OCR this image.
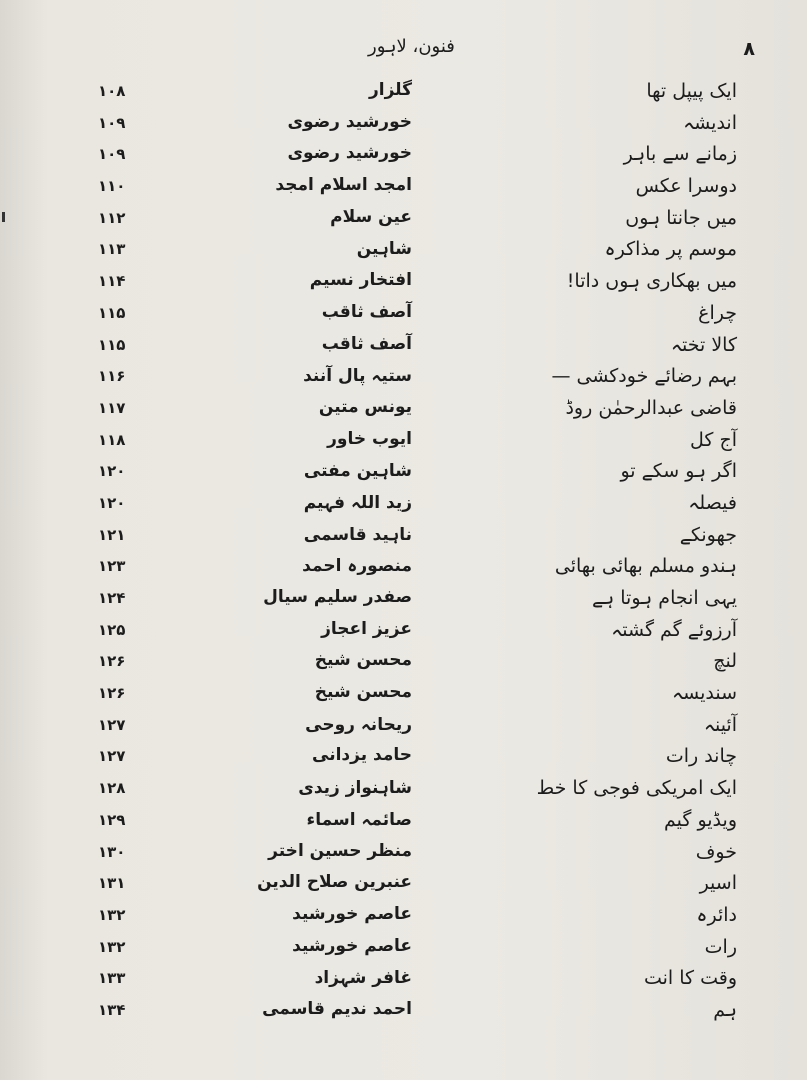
فنون، لاہور	۸
ایک پیپل تھا
گلزار
۱۰۸
اندیشہ
خورشید رضوی
۱۰۹
زمانے سے باہر
خورشید رضوی
۱۰۹
دوسرا عکس
امجد اسلام امجد
۱۱۰
میں جانتا ہوں
عین سلام
۱۱۲
موسم پر مذاکرہ
شاہین
۱۱۳
میں بھکاری ہوں داتا!
افتخار نسیم
۱۱۴
چراغ
آصف ثاقب
۱۱۵
کالا تختہ
آصف ثاقب
۱۱۵
بہم رضائے خودکشی —
ستیہ پال آنند
۱۱۶
قاضی عبدالرحمٰن روڈ
یونس متین
۱۱۷
آج کل
ایوب خاور
۱۱۸
اگر ہو سکے تو
شاہین مفتی
۱۲۰
فیصلہ
زید اللہ فہیم
۱۲۰
جھونکے
ناہید قاسمی
۱۲۱
ہندو مسلم بھائی بھائی
منصورہ احمد
۱۲۳
یہی انجام ہوتا ہے
صفدر سلیم سیال
۱۲۴
آرزوئے گم گشتہ
عزیز اعجاز
۱۲۵
لنچ
محسن شیخ
۱۲۶
سندیسہ
محسن شیخ
۱۲۶
آئینہ
ریحانہ روحی
۱۲۷
چاند رات
حامد یزدانی
۱۲۷
ایک امریکی فوجی کا خط
شاہنواز زیدی
۱۲۸
ویڈیو گیم
صائمہ اسماء
۱۲۹
خوف
منظر حسین اختر
۱۳۰
اسیر
عنبرین صلاح الدین
۱۳۱
دائرہ
عاصم خورشید
۱۳۲
رات
عاصم خورشید
۱۳۲
وقت کا انت
غافر شہزاد
۱۳۳
ہم
احمد ندیم قاسمی
۱۳۴
